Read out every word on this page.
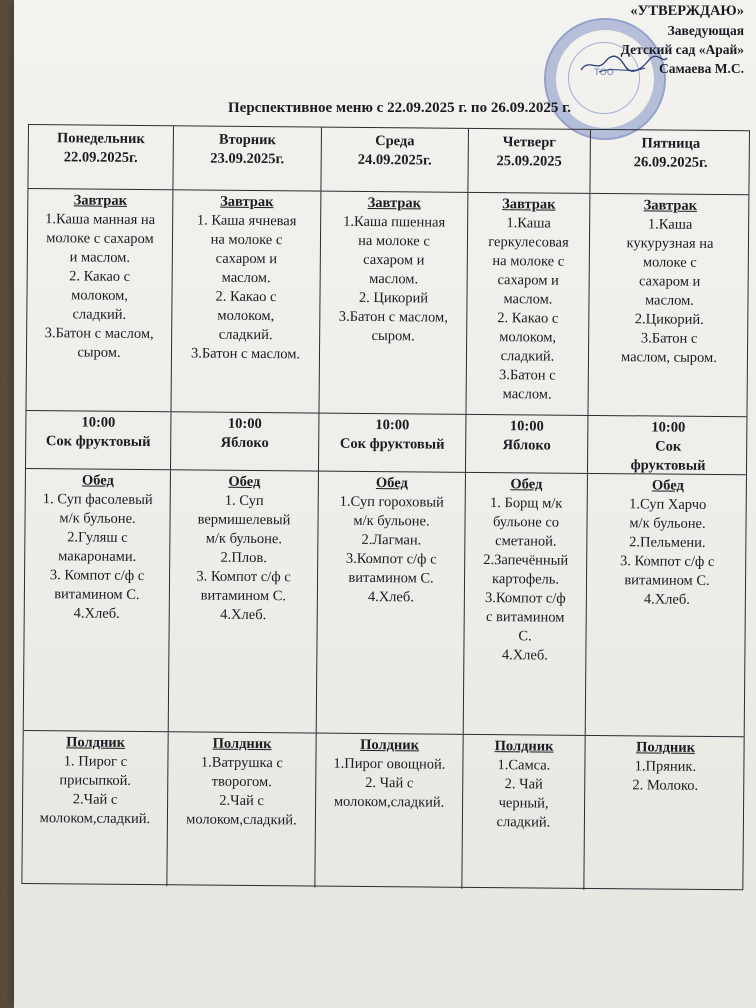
ТОО
«УТВЕРЖДАЮ»
Заведующая
Детский сад «Арай»
Самаева М.С.
Перспективное меню с 22.09.2025 г. по 26.09.2025 г.
Понедельник
22.09.2025г.
Вторник
23.09.2025г.
Среда
24.09.2025г.
Четверг
25.09.2025
Пятница
26.09.2025г.
Завтрак
1.Каша манная на
молоке с сахаром
и маслом.
2. Какао с
молоком,
сладкий.
3.Батон с маслом,
сыром.
Завтрак
1. Каша ячневая
на молоке с
сахаром и
маслом.
2. Какао с
молоком,
сладкий.
3.Батон с маслом.
Завтрак
1.Каша пшенная
на молоке с
сахаром и
маслом.
2. Цикорий
3.Батон с маслом,
сыром.
Завтрак
1.Каша
геркулесовая
на молоке с
сахаром и
маслом.
2. Какао с
молоком,
сладкий.
3.Батон с
маслом.
Завтрак
1.Каша
кукурузная на
молоке с
сахаром и
маслом.
2.Цикорий.
3.Батон с
маслом, сыром.
10:00
Сок фруктовый
10:00
Яблоко
10:00
Сок фруктовый
10:00
Яблоко
10:00
Сок
фруктовый
Обед
1. Суп фасолевый
м/к бульоне.
2.Гуляш с
макаронами.
3. Компот с/ф с
витамином С.
4.Хлеб.
Обед
1. Суп
вермишелевый
м/к бульоне.
2.Плов.
3. Компот с/ф с
витамином С.
4.Хлеб.
Обед
1.Суп гороховый
м/к бульоне.
2.Лагман.
3.Компот с/ф с
витамином С.
4.Хлеб.
Обед
1. Борщ м/к
бульоне со
сметаной.
2.Запечённый
картофель.
3.Компот с/ф
с витамином
С.
4.Хлеб.
Обед
1.Суп Харчо
м/к бульоне.
2.Пельмени.
3. Компот с/ф с
витамином С.
4.Хлеб.
Полдник
1. Пирог с
присыпкой.
2.Чай с
молоком,сладкий.
Полдник
1.Ватрушка с
творогом.
2.Чай с
молоком,сладкий.
Полдник
1.Пирог овощной.
2. Чай с
молоком,сладкий.
Полдник
1.Самса.
2. Чай
черный,
сладкий.
Полдник
1.Пряник.
2. Молоко.
